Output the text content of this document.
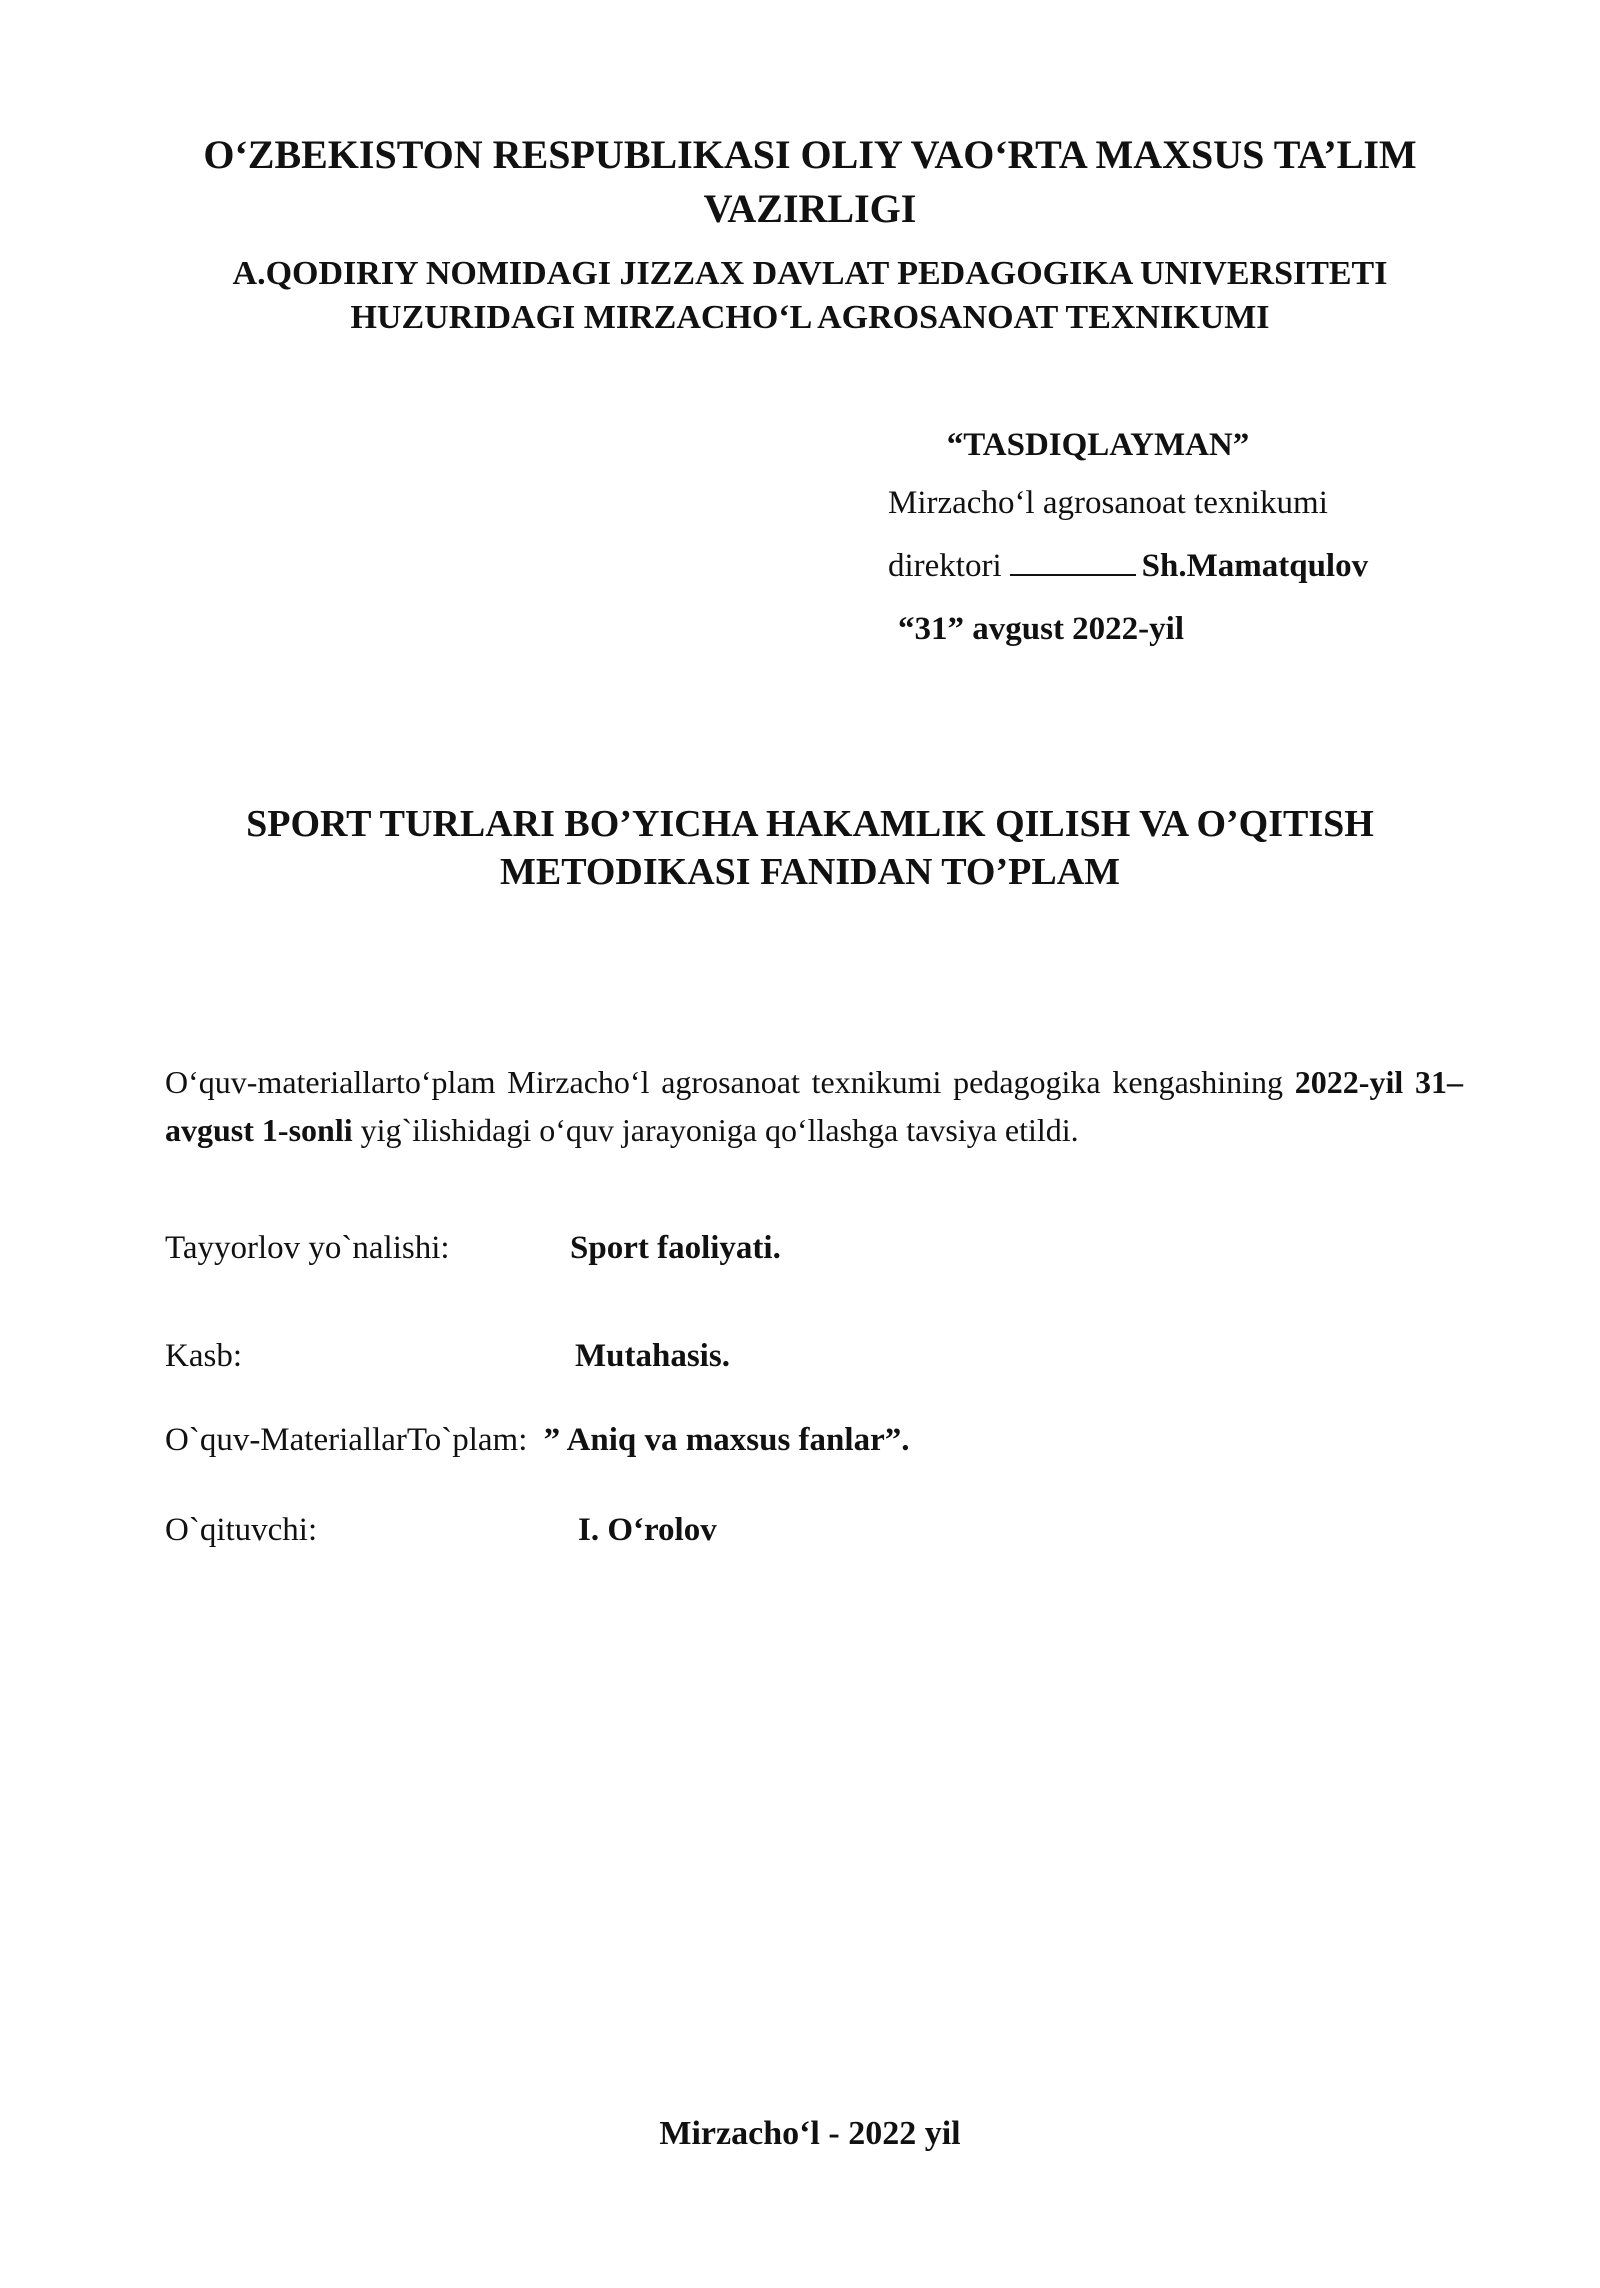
O‘ZBEKISTON RESPUBLIKASI OLIY VAO‘RTA MAXSUS TA’LIM VAZIRLIGI
A.QODIRIY NOMIDAGI JIZZAX DAVLAT PEDAGOGIKA UNIVERSITETI
HUZURIDAGI MIRZACHO‘L AGROSANOAT TEXNIKUMI
“TASDIQLAYMAN”
Mirzacho‘l agrosanoat texnikumi
direktori	Sh.Mamatqulov
“31” avgust 2022-yil
SPORT TURLARI BO’YICHA HAKAMLIK QILISH VA O’QITISH
METODIKASI FANIDAN TO’PLAM
O‘quv-materiallarto‘plam Mirzacho‘l agrosanoat texnikumi pedagogika kengashining 2022-yil 31–avgust 1-sonli yig`ilishidagi o‘quv jarayoniga qo‘llashga tavsiya etildi.
Tayyorlov yo`nalishi:	Sport faoliyati.
Kasb:	Mutahasis.
O`quv-MateriallarTo`plam: ” Aniq va maxsus fanlar”.
O`qituvchi:	I. O‘rolov
Mirzacho‘l - 2022 yil
